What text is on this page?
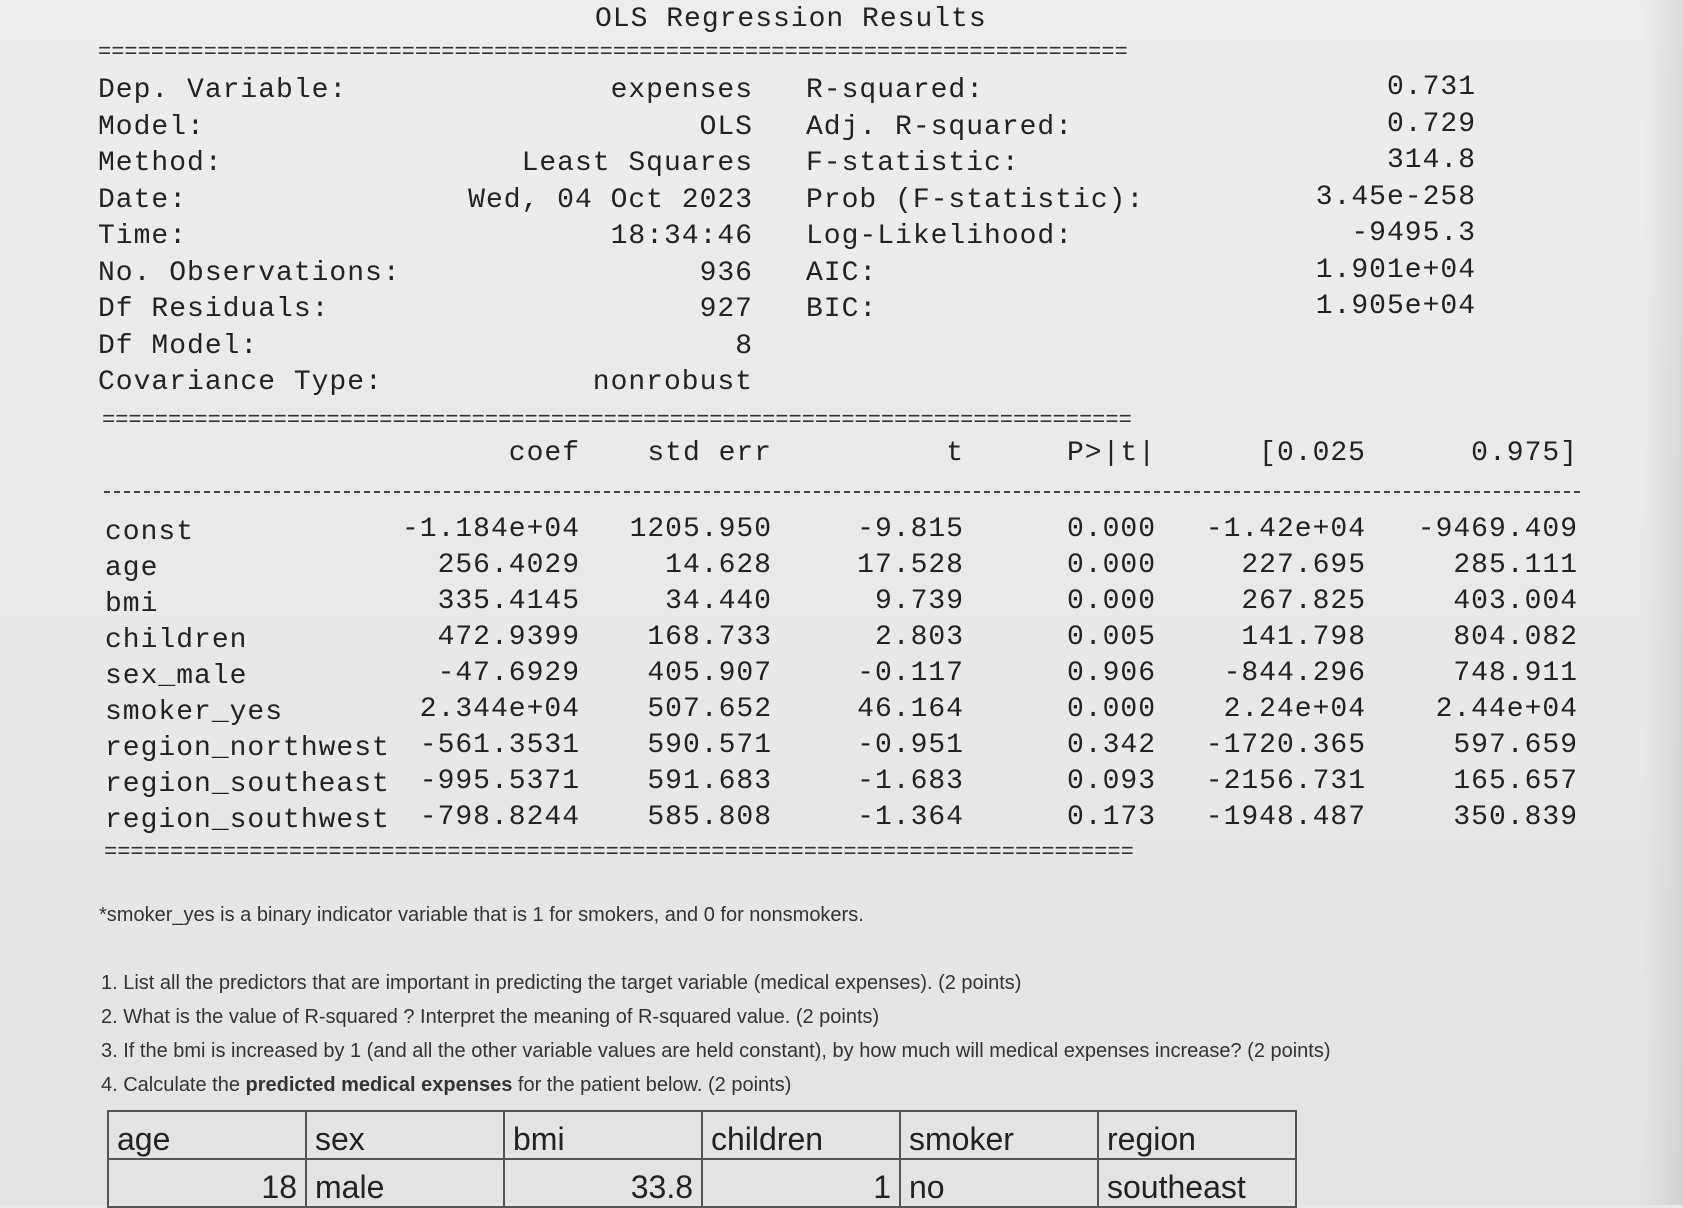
OLS Regression Results
==============================================================================
Dep. Variable:	expenses
Model:	OLS
Method:	Least Squares
Date:	Wed, 04 Oct 2023
Time:	18:34:46
No. Observations:	936
Df Residuals:	927
Df Model:	8
Covariance Type:	nonrobust
R-squared:	0.731
Adj. R-squared:	0.729
F-statistic:	314.8
Prob (F-statistic):	3.45e-258
Log-Likelihood:	-9495.3
AIC:	1.901e+04
BIC:	1.905e+04
==============================================================================
coef	std err	t	P>|t|	[0.025	0.975]
const	-1.184e+04	1205.950	-9.815	0.000	-1.42e+04	-9469.409
age	256.4029	14.628	17.528	0.000	227.695	285.111
bmi	335.4145	34.440	9.739	0.000	267.825	403.004
children	472.9399	168.733	2.803	0.005	141.798	804.082
sex_male	-47.6929	405.907	-0.117	0.906	-844.296	748.911
smoker_yes	2.344e+04	507.652	46.164	0.000	2.24e+04	2.44e+04
region_northwest	-561.3531	590.571	-0.951	0.342	-1720.365	597.659
region_southeast	-995.5371	591.683	-1.683	0.093	-2156.731	165.657
region_southwest	-798.8244	585.808	-1.364	0.173	-1948.487	350.839
==============================================================================
*smoker_yes is a binary indicator variable that is 1 for smokers, and 0 for nonsmokers.
1. List all the predictors that are important in predicting the target variable (medical expenses). (2 points)
2. What is the value of R-squared ? Interpret the meaning of R-squared value. (2 points)
3. If the bmi is increased by 1 (and all the other variable values are held constant), by how much will medical expenses increase? (2 points)
4. Calculate the predicted medical expenses for the patient below. (2 points)
age	sex	bmi	children	smoker	region
18	male	33.8	1	no	southeast
